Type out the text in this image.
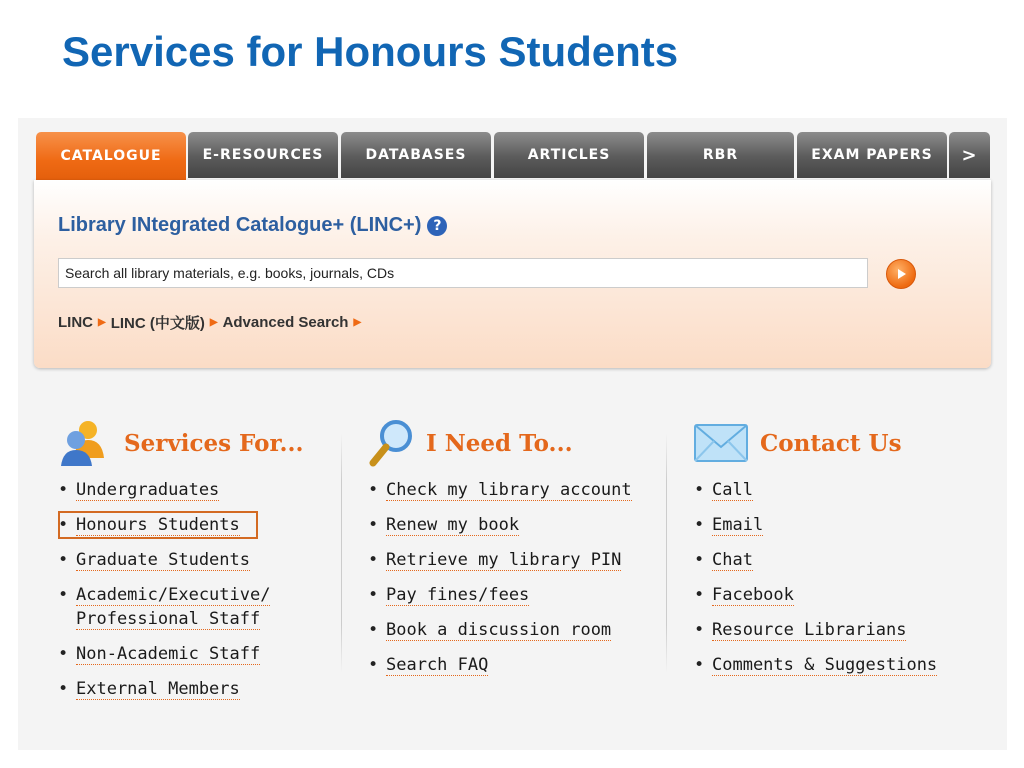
Services for Honours Students
CATALOGUE	E-RESOURCES	DATABASES	ARTICLES	RBR	EXAM PAPERS	>
Library INtegrated Catalogue+ (LINC+) ?
Search all library materials, e.g. books, journals, CDs
LINC ▶ LINC (中文版) ▶ Advanced Search ▶
Services For...
• Undergraduates
• Honours Students
• Graduate Students
• Academic/Executive/
Professional Staff
• Non-Academic Staff
• External Members
I Need To...
• Check my library account
• Renew my book
• Retrieve my library PIN
• Pay fines/fees
• Book a discussion room
• Search FAQ
Contact Us
• Call
• Email
• Chat
• Facebook
• Resource Librarians
• Comments & Suggestions
